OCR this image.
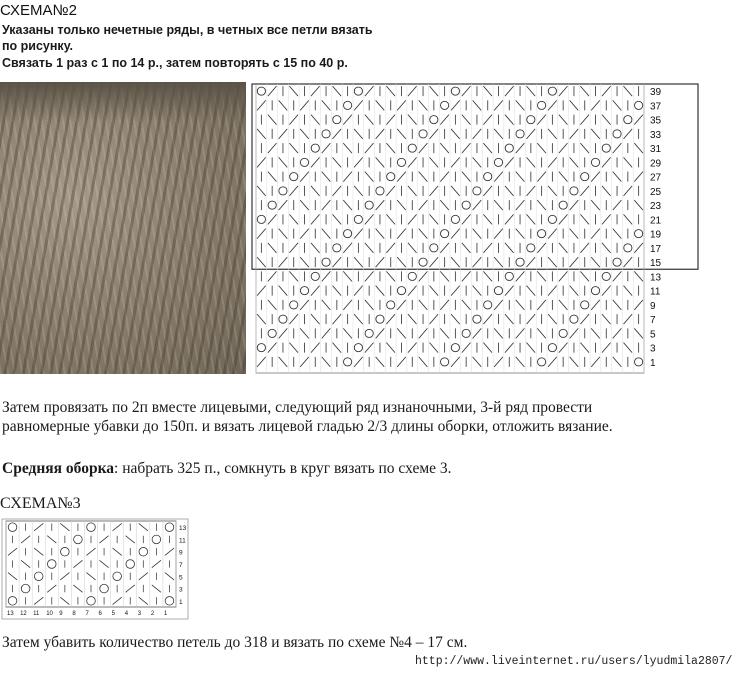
СХЕМА№2
Указаны только нечетные ряды, в четных все петли вязать
по рисунку.
Связать 1 раз с 1 по 14 р., затем повторять с 15 по 40 р.
39
37
35
33
31
29
27
25
23
21
19
17
15
13
11
9
7
5
3
1
Затем провязать по 2п вместе лицевыми, следующий ряд изнаночными, 3-й ряд провести равномерные убавки до 150п. и вязать лицевой гладью 2/3 длины оборки, отложить вязание.
Средняя оборка: набрать 325 п., сомкнуть в круг вязать по схеме 3.
СХЕМА№3
13
11
9
7
5
3
1
13 12 11 10 9 8 7 6 5 4 3 2 1
Затем убавить количество петель до 318 и вязать по схеме №4 – 17 см.
http://www.liveinternet.ru/users/lyudmila2807/
